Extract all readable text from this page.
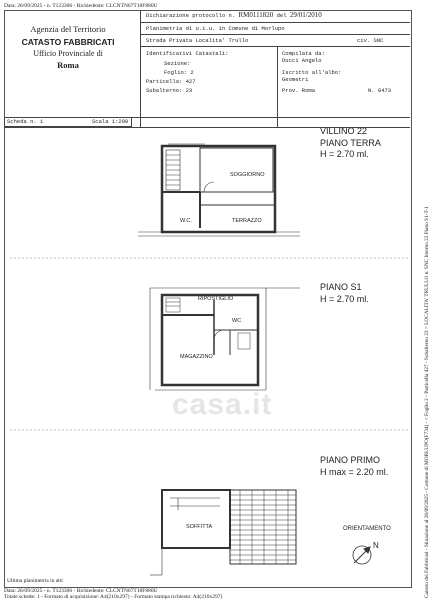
Data: 26/09/2025 - n. T123306 - Richiedente: CLCNTN67T18F880U
Agenzia del Territorio
CATASTO FABBRICATI
Ufficio Provinciale di
Roma
Dichiarazione protocollo n. RM0111820 del 29/01/2010
Planimetria di u.i.u. in Comune di Morlupo
Strada Privata Localita' Trullo	civ. SNC
Identificativi Catastali:
Sezione:
Foglio: 2
Particella: 427
Subalterno: 23
Compilata da:
Ducci Angelo
Iscritto all'albo:
Geometri
Prov. Roma	N. 8473
Scheda n. 1	Scala 1:200
VILLINO 22
PIANO TERRA
H = 2.70 ml.
PIANO S1
H = 2.70 ml.
PIANO PRIMO
H max = 2.20 ml.
SOGGIORNO
W.C.	TERRAZZO
RIPOSTIGLIO
MAGAZZINO
WC
SOFFITTA
casa.it
ORIENTAMENTO
N	Catasto dei Fabbricati - Situazione al 26/09/2025 - Comune di MORLUPO(F734) - < Foglio 2 - Particella 427 - Subalterno 23 > LOCALITA' TRULLO n. SNC Interno 22 Piano S1-T-1
Ultima planimetria in atti
Data: 26/09/2025 - n. T123306 - Richiedente: CLCNTN67T18F880U
Totale schede: 1 - Formato di acquisizione: A4(210x297) - Formato stampa richiesto: A4(210x297)
